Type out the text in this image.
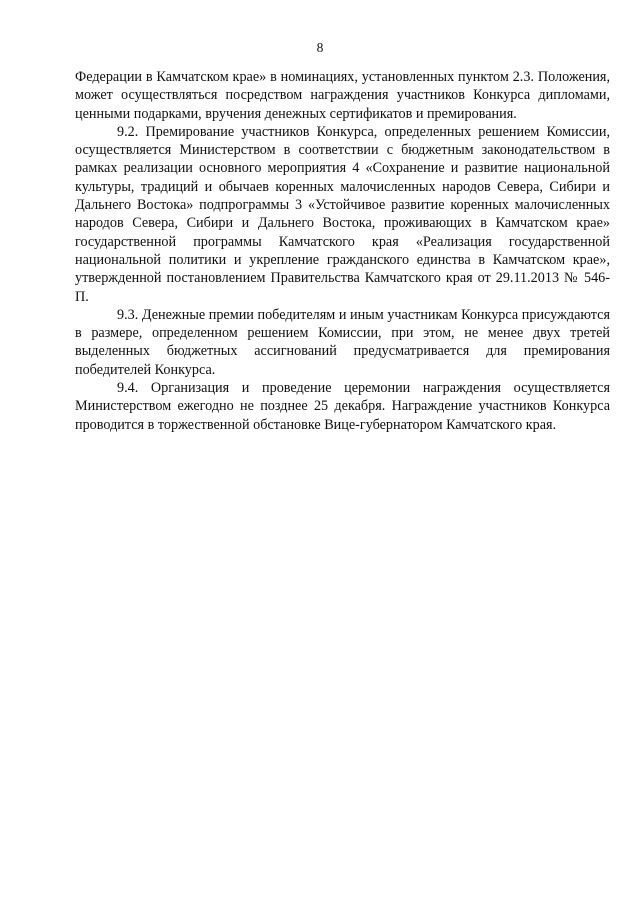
8

Федерации в Камчатском крае» в номинациях, установленных пунктом 2.3. Положения, может осуществляться посредством награждения участников Конкурса дипломами, ценными подарками, вручения денежных сертификатов и премирования.

9.2. Премирование участников Конкурса, определенных решением Комиссии, осуществляется Министерством в соответствии с бюджетным законодательством в рамках реализации основного мероприятия 4 «Сохранение и развитие национальной культуры, традиций и обычаев коренных малочисленных народов Севера, Сибири и Дальнего Востока» подпрограммы 3 «Устойчивое развитие коренных малочисленных народов Севера, Сибири и Дальнего Востока, проживающих в Камчатском крае» государственной программы Камчатского края «Реализация государственной национальной политики и укрепление гражданского единства в Камчатском крае», утвержденной постановлением Правительства Камчатского края от 29.11.2013 № 546-П.

9.3. Денежные премии победителям и иным участникам Конкурса присуждаются в размере, определенном решением Комиссии, при этом, не менее двух третей выделенных бюджетных ассигнований предусматривается для премирования победителей Конкурса.

9.4. Организация и проведение церемонии награждения осуществляется Министерством ежегодно не позднее 25 декабря. Награждение участников Конкурса проводится в торжественной обстановке Вице-губернатором Камчатского края.
